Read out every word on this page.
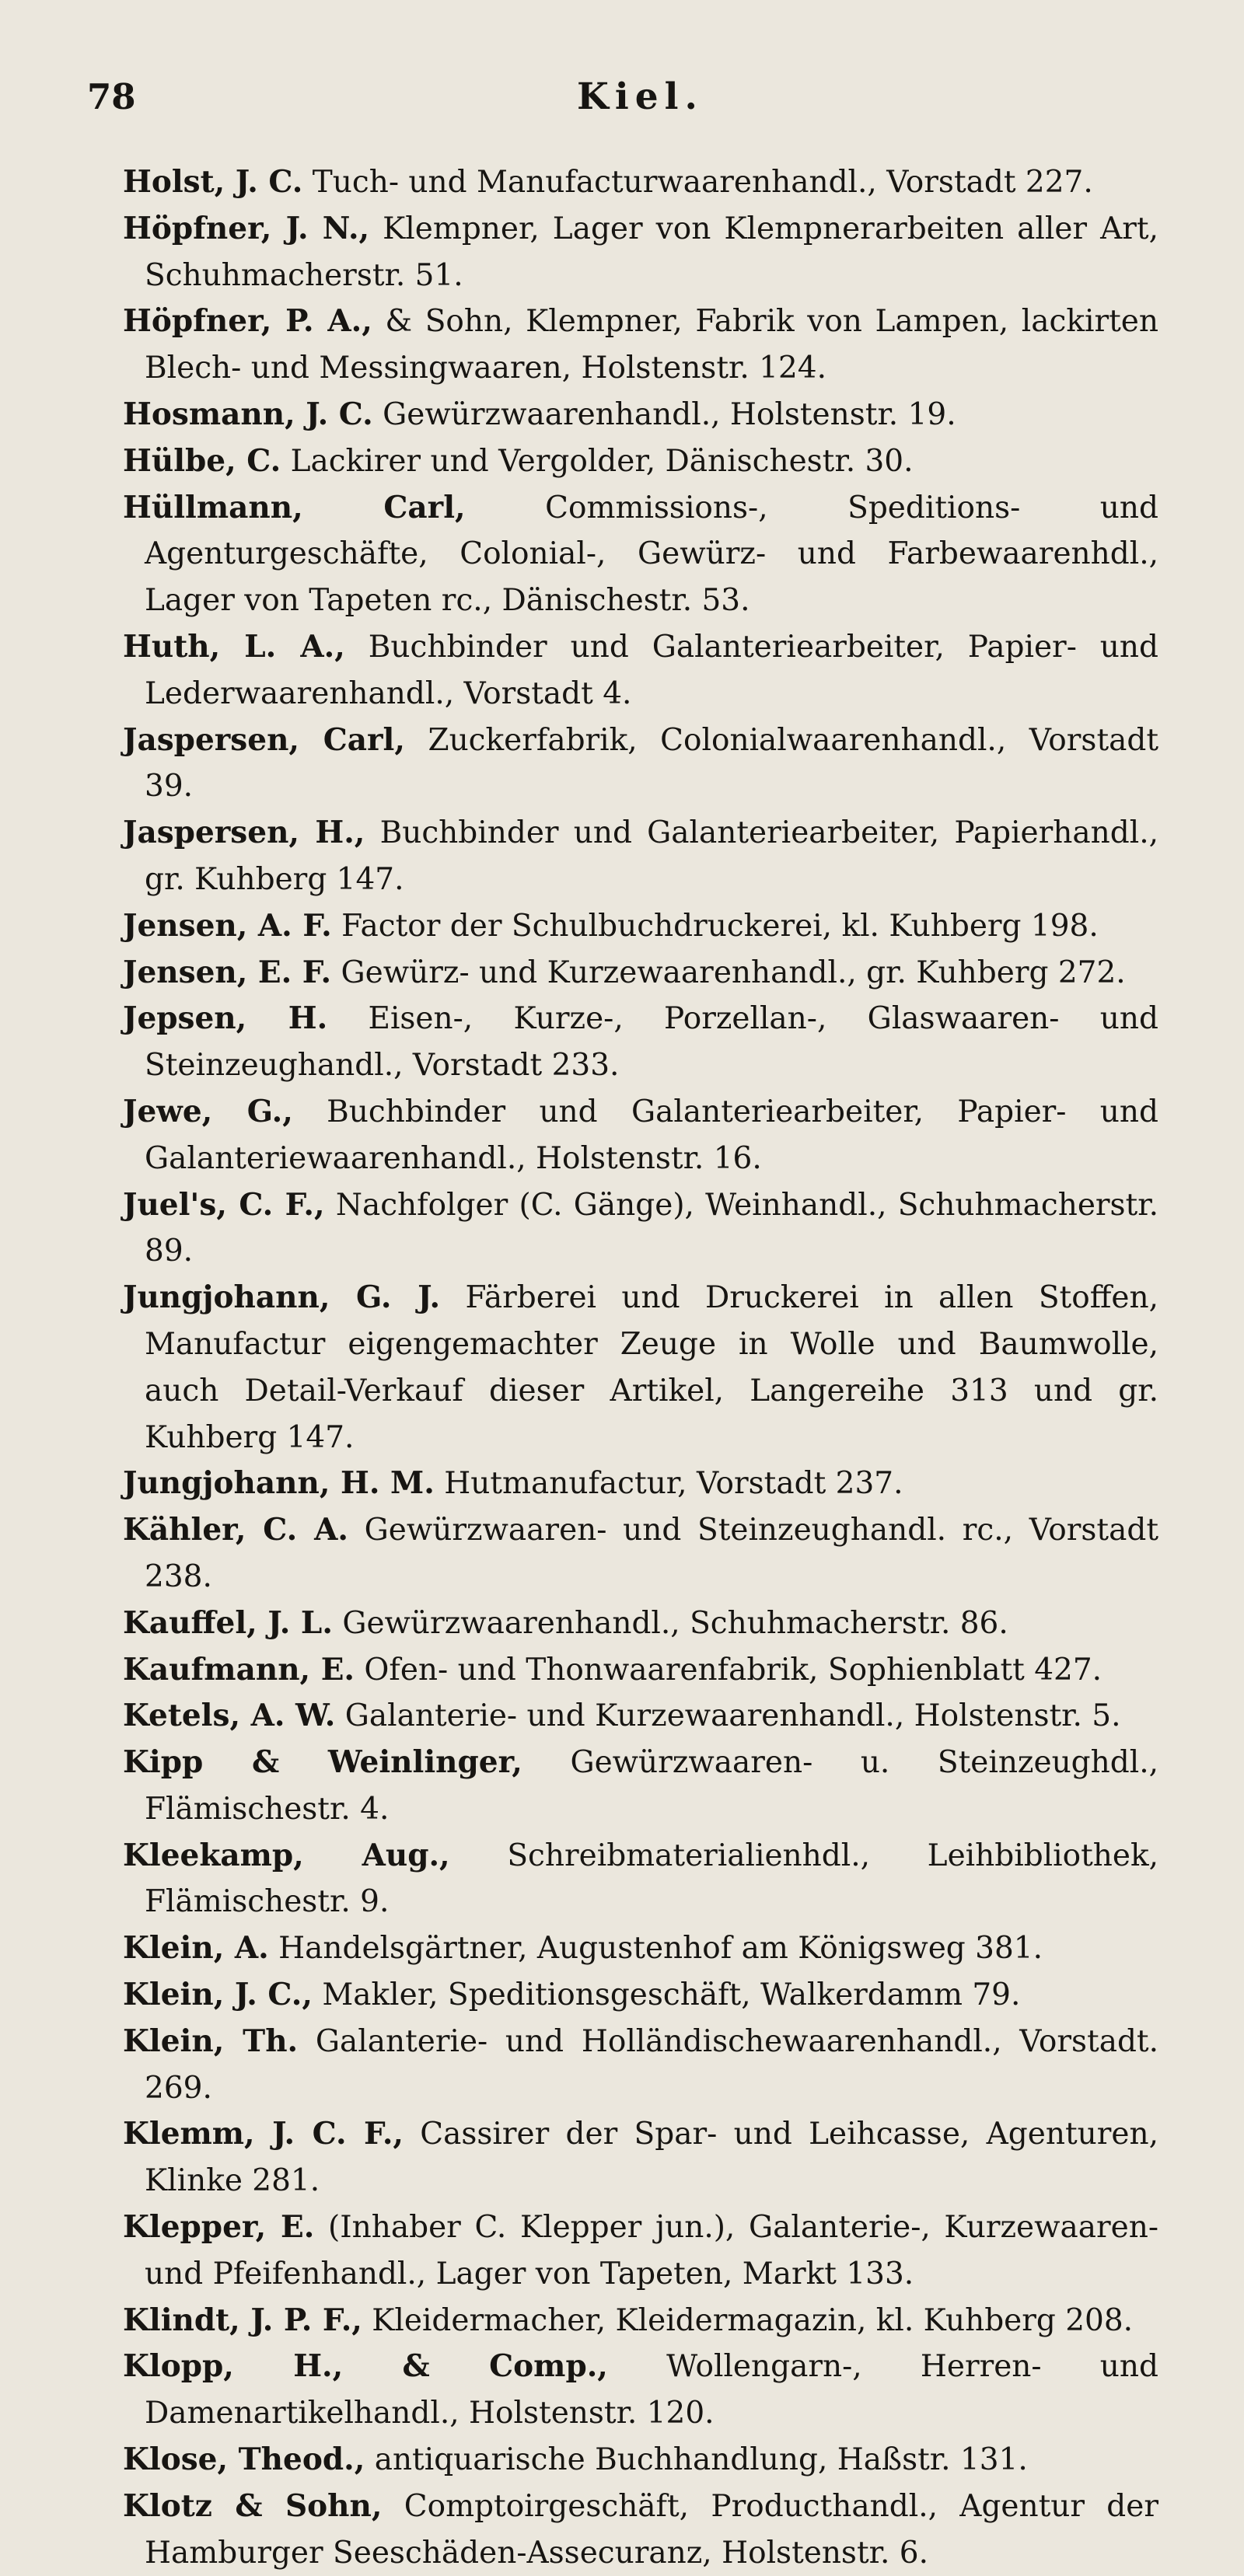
78	Kiel.

Holst, J. C. Tuch- und Manufacturwaarenhandl., Vorstadt 227.

Höpfner, J. N., Klempner, Lager von Klempnerarbeiten aller Art, Schuhmacherstr. 51.

Höpfner, P. A., & Sohn, Klempner, Fabrik von Lampen, lackirten Blech- und Messingwaaren, Holstenstr. 124.

Hosmann, J. C. Gewürzwaarenhandl., Holstenstr. 19.

Hülbe, C. Lackirer und Vergolder, Dänischestr. 30.

Hüllmann, Carl,	Commissions-, Speditions- und Agenturgeschäfte, Colonial-, Gewürz- und Farbewaarenhdl., Lager von Tapeten rc., Dänischestr. 53.

Huth, L. A., Buchbinder und Galanteriearbeiter, Papier- und Lederwaarenhandl., Vorstadt 4.

Jaspersen, Carl, Zuckerfabrik, Colonialwaarenhandl., Vorstadt 39.

Jaspersen, H., Buchbinder und Galanteriearbeiter, Papierhandl., gr. Kuhberg 147.

Jensen, A. F. Factor der Schulbuchdruckerei, kl. Kuhberg 198.

Jensen, E. F. Gewürz- und Kurzewaarenhandl., gr. Kuhberg 272.

Jepsen, H. Eisen-, Kurze-, Porzellan-, Glaswaaren- und Steinzeughandl., Vorstadt 233.

Jewe, G., Buchbinder und Galanteriearbeiter, Papier- und Galanteriewaarenhandl., Holstenstr. 16.

Juel's, C. F., Nachfolger (C. Gänge), Weinhandl., Schuhmacherstr. 89.

Jungjohann, G. J. Färberei und Druckerei in allen Stoffen, Manufactur eigengemachter Zeuge in Wolle und Baumwolle, auch Detail-Verkauf dieser Artikel, Langereihe 313 und gr. Kuhberg 147.

Jungjohann, H. M. Hutmanufactur, Vorstadt 237.

Kähler, C. A. Gewürzwaaren- und Steinzeughandl. rc., Vorstadt 238.

Kauffel, J. L. Gewürzwaarenhandl., Schuhmacherstr. 86.

Kaufmann, E. Ofen- und Thonwaarenfabrik, Sophienblatt 427.

Ketels, A. W. Galanterie- und Kurzewaarenhandl., Holstenstr. 5.

Kipp & Weinlinger, Gewürzwaaren- u. Steinzeughdl., Flämischestr. 4.

Kleekamp, Aug., Schreibmaterialienhdl., Leihbibliothek, Flämischestr. 9.

Klein, A. Handelsgärtner, Augustenhof am Königsweg 381.

Klein, J. C., Makler, Speditionsgeschäft, Walkerdamm 79.

Klein, Th. Galanterie- und Holländischewaarenhandl., Vorstadt. 269.

Klemm, J. C. F., Cassirer der Spar- und Leihcasse, Agenturen, Klinke 281.

Klepper, E. (Inhaber C. Klepper jun.), Galanterie-, Kurzewaaren- und Pfeifenhandl., Lager von Tapeten, Markt 133.

Klindt, J. P. F., Kleidermacher, Kleidermagazin, kl. Kuhberg 208.

Klopp, H., & Comp., Wollengarn-, Herren- und Damenartikelhandl., Holstenstr. 120.

Klose, Theod., antiquarische Buchhandlung, Haßstr. 131.

Klotz & Sohn, Comptoirgeschäft, Producthandl., Agentur der Hamburger Seeschäden-Assecuranz, Holstenstr. 6.
